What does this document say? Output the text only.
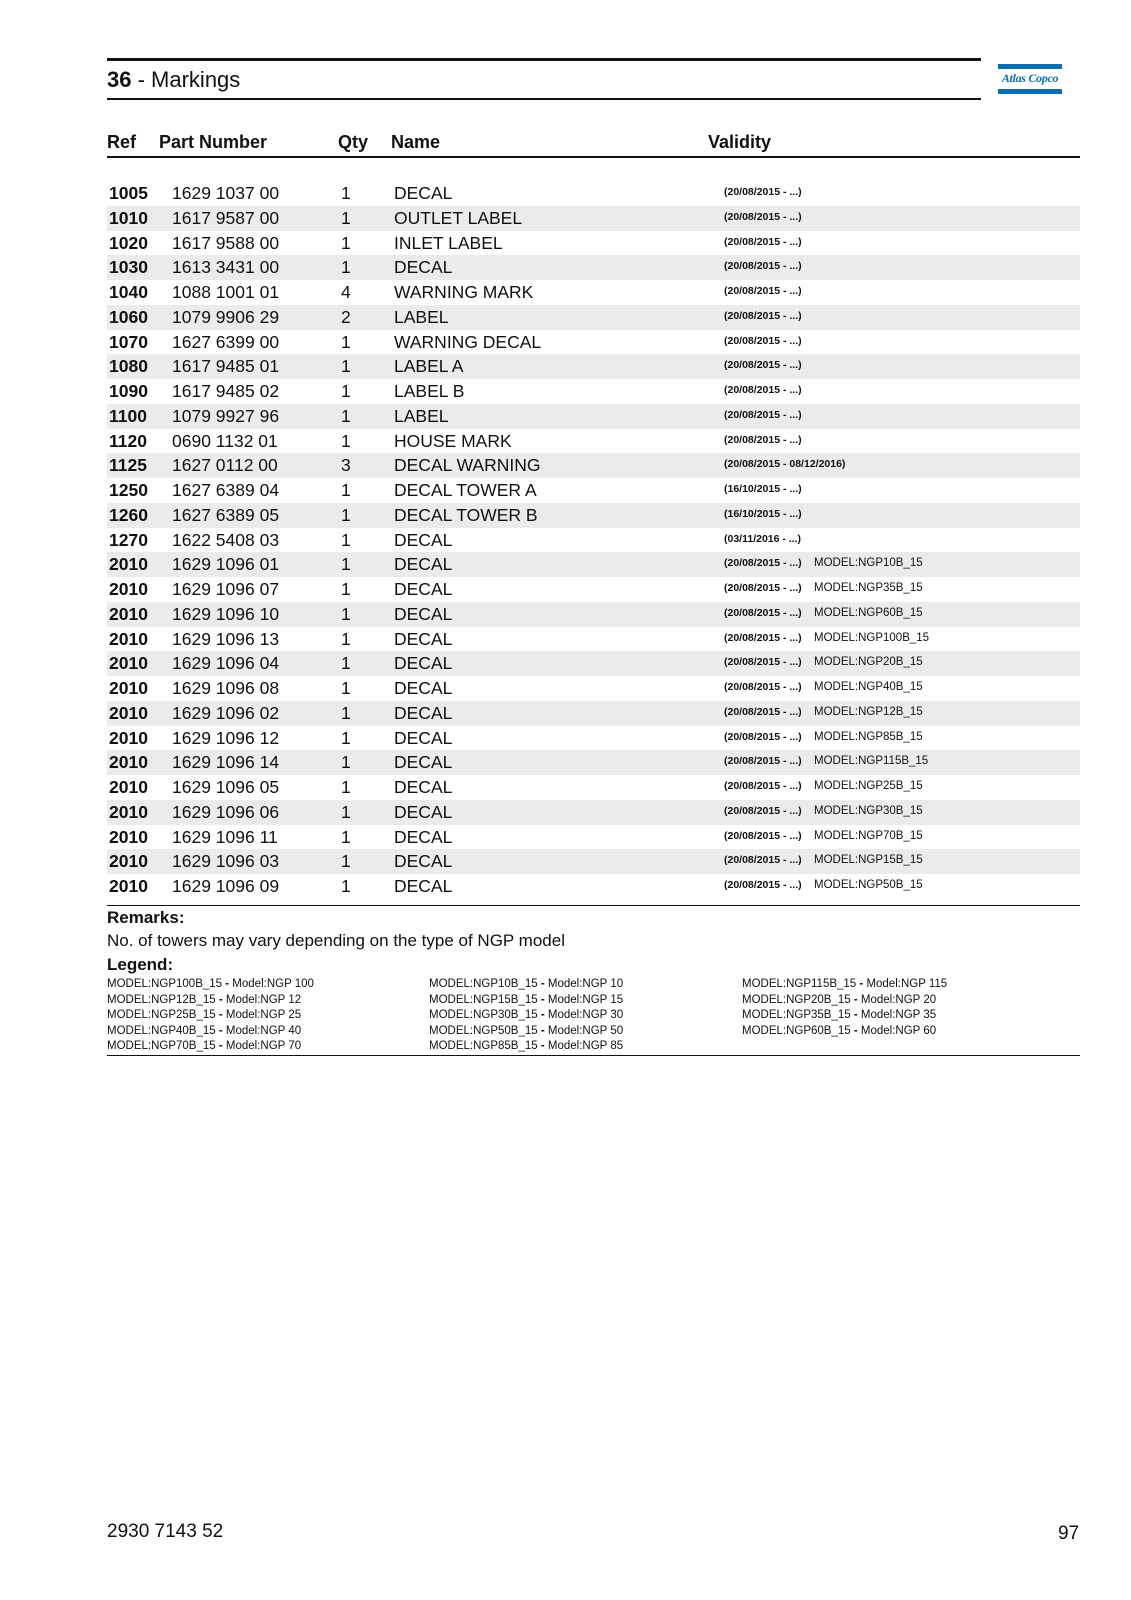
36 - Markings	Atlas Copco
Ref Part Number	Qty Name	Validity
1005 1629 1037 00	1 DECAL	(20/08/2015 - ...)
1010 1617 9587 00	1 OUTLET LABEL	(20/08/2015 - ...)
1020 1617 9588 00	1 INLET LABEL	(20/08/2015 - ...)
1030 1613 3431 00	1 DECAL	(20/08/2015 - ...)
1040 1088 1001 01	4 WARNING MARK	(20/08/2015 - ...)
1060 1079 9906 29	2 LABEL	(20/08/2015 - ...)
1070 1627 6399 00	1 WARNING DECAL	(20/08/2015 - ...)
1080 1617 9485 01	1 LABEL A	(20/08/2015 - ...)
1090 1617 9485 02	1 LABEL B	(20/08/2015 - ...)
1100 1079 9927 96	1 LABEL	(20/08/2015 - ...)
1120 0690 1132 01	1 HOUSE MARK	(20/08/2015 - ...)
1125 1627 0112 00	3 DECAL WARNING	(20/08/2015 - 08/12/2016)
1250 1627 6389 04	1 DECAL TOWER A	(16/10/2015 - ...)
1260 1627 6389 05	1 DECAL TOWER B	(16/10/2015 - ...)
1270 1622 5408 03	1 DECAL	(03/11/2016 - ...)
2010 1629 1096 01	1 DECAL	(20/08/2015 - ...) MODEL:NGP10B_15
2010 1629 1096 07	1 DECAL	(20/08/2015 - ...) MODEL:NGP35B_15
2010 1629 1096 10	1 DECAL	(20/08/2015 - ...) MODEL:NGP60B_15
2010 1629 1096 13	1 DECAL	(20/08/2015 - ...) MODEL:NGP100B_15
2010 1629 1096 04	1 DECAL	(20/08/2015 - ...) MODEL:NGP20B_15
2010 1629 1096 08	1 DECAL	(20/08/2015 - ...) MODEL:NGP40B_15
2010 1629 1096 02	1 DECAL	(20/08/2015 - ...) MODEL:NGP12B_15
2010 1629 1096 12	1 DECAL	(20/08/2015 - ...) MODEL:NGP85B_15
2010 1629 1096 14	1 DECAL	(20/08/2015 - ...) MODEL:NGP115B_15
2010 1629 1096 05	1 DECAL	(20/08/2015 - ...) MODEL:NGP25B_15
2010 1629 1096 06	1 DECAL	(20/08/2015 - ...) MODEL:NGP30B_15
2010 1629 1096 11	1 DECAL	(20/08/2015 - ...) MODEL:NGP70B_15
2010 1629 1096 03	1 DECAL	(20/08/2015 - ...) MODEL:NGP15B_15
2010 1629 1096 09	1 DECAL	(20/08/2015 - ...) MODEL:NGP50B_15
Remarks:
No. of towers may vary depending on the type of NGP model
Legend:
MODEL:NGP100B_15 - Model:NGP 100
MODEL:NGP12B_15 - Model:NGP 12
MODEL:NGP25B_15 - Model:NGP 25
MODEL:NGP40B_15 - Model:NGP 40
MODEL:NGP70B_15 - Model:NGP 70
MODEL:NGP10B_15 - Model:NGP 10
MODEL:NGP15B_15 - Model:NGP 15
MODEL:NGP30B_15 - Model:NGP 30
MODEL:NGP50B_15 - Model:NGP 50
MODEL:NGP85B_15 - Model:NGP 85
MODEL:NGP115B_15 - Model:NGP 115
MODEL:NGP20B_15 - Model:NGP 20
MODEL:NGP35B_15 - Model:NGP 35
MODEL:NGP60B_15 - Model:NGP 60
2930 7143 52	97
